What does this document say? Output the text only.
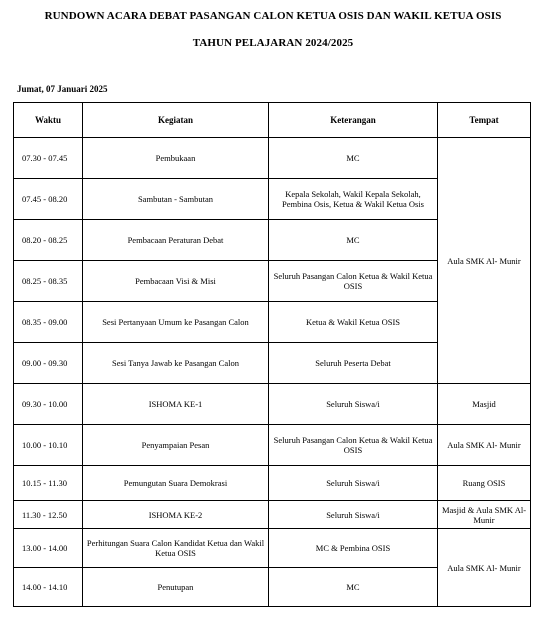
RUNDOWN ACARA DEBAT PASANGAN CALON KETUA OSIS DAN WAKIL KETUA OSIS
TAHUN PELAJARAN 2024/2025
Jumat, 07 Januari 2025
Waktu	Kegiatan	Keterangan	Tempat
07.30 - 07.45	Pembukaan	MC	Aula SMK Al- Munir
07.45 - 08.20	Sambutan - Sambutan	Kepala Sekolah, Wakil Kepala Sekolah, Pembina Osis, Ketua & Wakil Ketua Osis	
08.20 - 08.25	Pembacaan Peraturan Debat	MC	
08.25 - 08.35	Pembacaan Visi & Misi	Seluruh Pasangan Calon Ketua & Wakil Ketua OSIS	
08.35 - 09.00	Sesi Pertanyaan Umum ke Pasangan Calon	Ketua & Wakil Ketua OSIS	
09.00 - 09.30	Sesi Tanya Jawab ke Pasangan Calon	Seluruh Peserta Debat	
09.30 - 10.00	ISHOMA KE-1	Seluruh Siswa/i	Masjid
10.00 - 10.10	Penyampaian Pesan	Seluruh Pasangan Calon Ketua & Wakil Ketua OSIS	Aula SMK Al- Munir
10.15 - 11.30	Pemungutan Suara Demokrasi	Seluruh Siswa/i	Ruang OSIS
11.30 - 12.50	ISHOMA KE-2	Seluruh Siswa/i	Masjid & Aula SMK Al-Munir
13.00 - 14.00	Perhitungan Suara Calon Kandidat Ketua dan Wakil Ketua OSIS	MC & Pembina OSIS	Aula SMK Al- Munir
14.00 - 14.10	Penutupan	MC	
